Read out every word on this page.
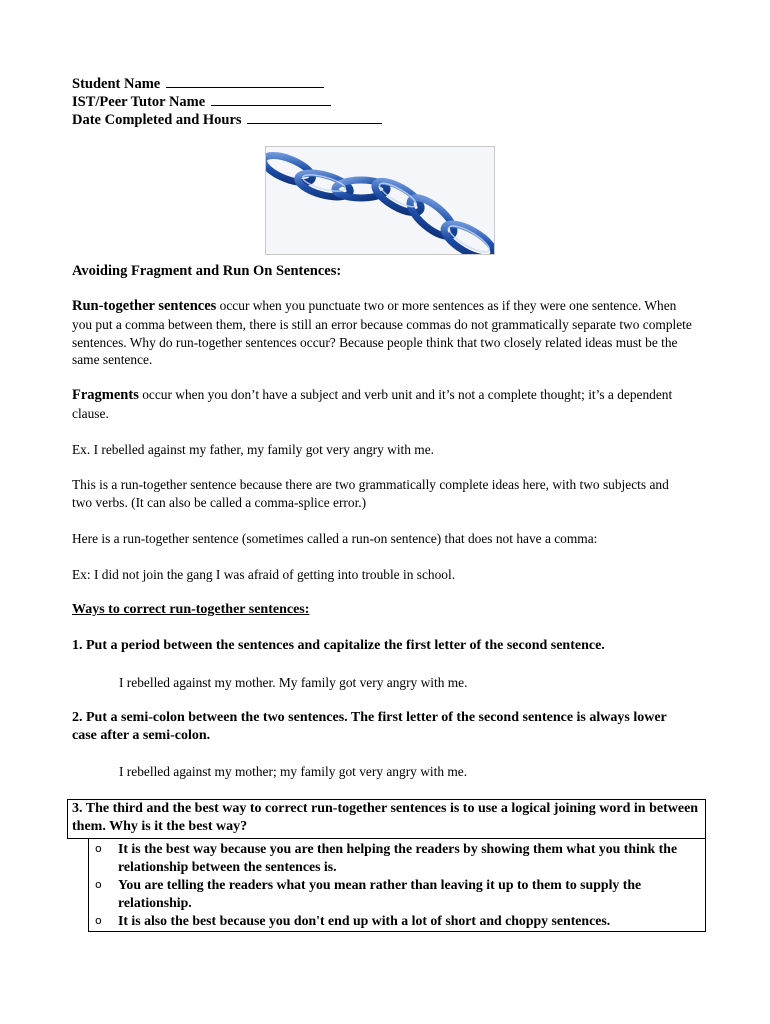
Student Name
IST/Peer Tutor Name
Date Completed and Hours
Avoiding Fragment and Run On Sentences:
Run-together sentences occur when you punctuate two or more sentences as if they were one sentence. When you put a comma between them, there is still an error because commas do not grammatically separate two complete sentences. Why do run-together sentences occur? Because people think that two closely related ideas must be the same sentence.
Fragments occur when you don’t have a subject and verb unit and it’s not a complete thought; it’s a dependent clause.
Ex. I rebelled against my father, my family got very angry with me.
This is a run-together sentence because there are two grammatically complete ideas here, with two subjects and two verbs. (It can also be called a comma-splice error.)
Here is a run-together sentence (sometimes called a run-on sentence) that does not have a comma:
Ex: I did not join the gang I was afraid of getting into trouble in school.
Ways to correct run-together sentences:
1. Put a period between the sentences and capitalize the first letter of the second sentence.
I rebelled against my mother. My family got very angry with me.
2. Put a semi-colon between the two sentences. The first letter of the second sentence is always lower case after a semi-colon.
I rebelled against my mother; my family got very angry with me.
3. The third and the best way to correct run-together sentences is to use a logical joining word in between them. Why is it the best way?
o It is the best way because you are then helping the readers by showing them what you think the relationship between the sentences is.
o You are telling the readers what you mean rather than leaving it up to them to supply the relationship.
o It is also the best because you don't end up with a lot of short and choppy sentences.
